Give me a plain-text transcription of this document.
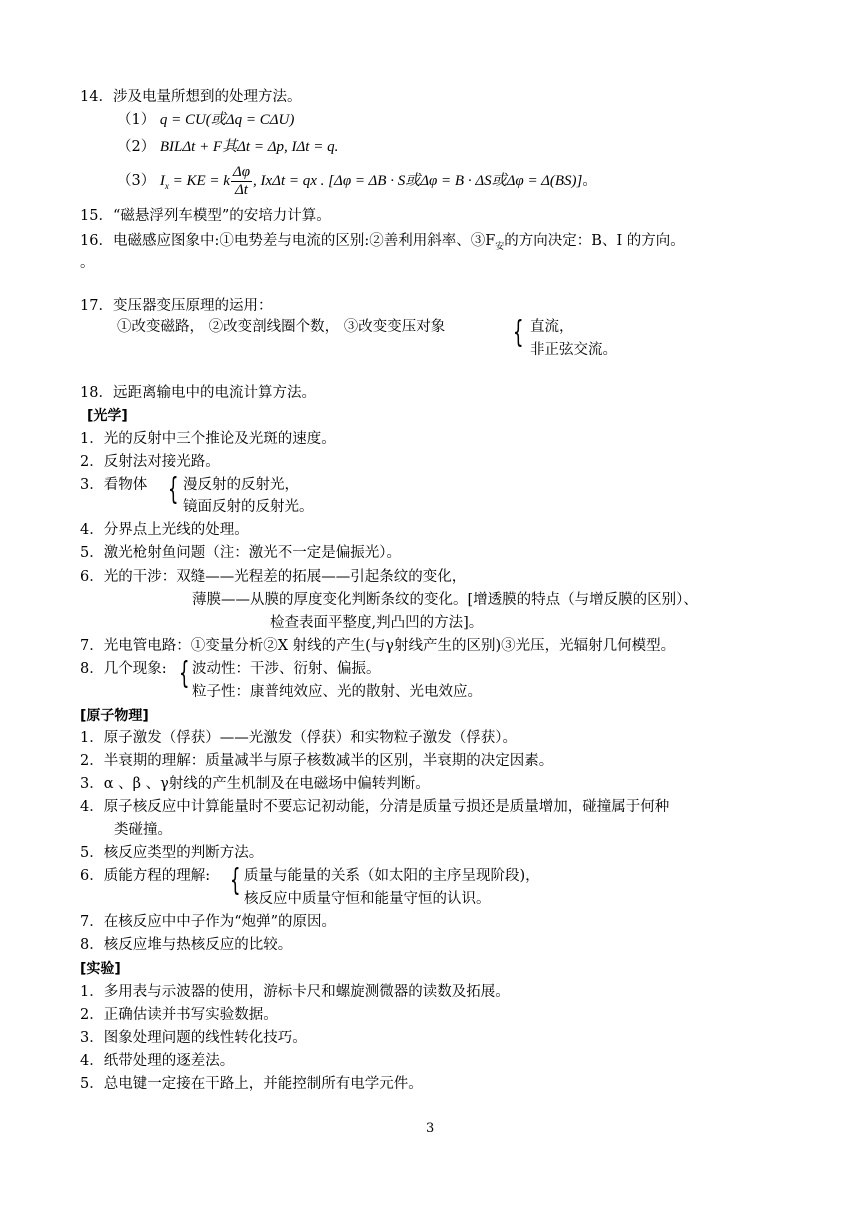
14．涉及电量所想到的处理方法。
（1） q = CU(或Δq = CΔU)
（2） BILΔt + F其Δt = Δp, IΔt = q.
（3） $I_x$ = KE = k $\frac{\Delta\varphi}{\Delta t}$ , IxΔt = qx . [Δφ = ΔB · S或Δφ = B · ΔS或Δφ = Δ(BS)]。
15．“磁悬浮列车模型”的安培力计算。
16．电磁感应图象中:①电势差与电流的区别:②善利用斜率、$③F_安$的方向决定：B、I 的方向。
。
17．变压器变压原理的运用：
①改变磁路， ②改变剖线圈个数， ③改变变压对象 { 直流，
非正弦交流。
18．远距离输电中的电流计算方法。
[光学]
1．光的反射中三个推论及光斑的速度。
2．反射法对接光路。
3．看物体 { 漫反射的反射光，
镜面反射的反射光。
4．分界点上光线的处理。
5．激光枪射鱼问题（注：激光不一定是偏振光）。
6．光的干涉：双缝——光程差的拓展——引起条纹的变化，
薄膜——从膜的厚度变化判断条纹的变化。[增透膜的特点（与增反膜的区别）、
检查表面平整度,判凸凹的方法]。
7．光电管电路：①变量分析②X 射线的产生(与γ射线产生的区别)③光压，光辐射几何模型。
8．几个现象: { 波动性：干涉、衍射、偏振。
粒子性：康普纯效应、光的散射、光电效应。
[原子物理]
1．原子激发（俘获）——光激发（俘获）和实物粒子激发（俘获）。
2．半衰期的理解：质量减半与原子核数减半的区别，半衰期的决定因素。
3．α 、β 、γ射线的产生机制及在电磁场中偏转判断。
4．原子核反应中计算能量时不要忘记初动能，分清是质量亏损还是质量增加，碰撞属于何种
类碰撞。
5．核反应类型的判断方法。
6．质能方程的理解: { 质量与能量的关系（如太阳的主序呈现阶段)，
核反应中质量守恒和能量守恒的认识。
7．在核反应中中子作为“炮弹”的原因。
8．核反应堆与热核反应的比较。
[实验]
1．多用表与示波器的使用，游标卡尺和螺旋测微器的读数及拓展。
2．正确估读并书写实验数据。
3．图象处理问题的线性转化技巧。
4．纸带处理的逐差法。
5．总电键一定接在干路上，并能控制所有电学元件。
3
